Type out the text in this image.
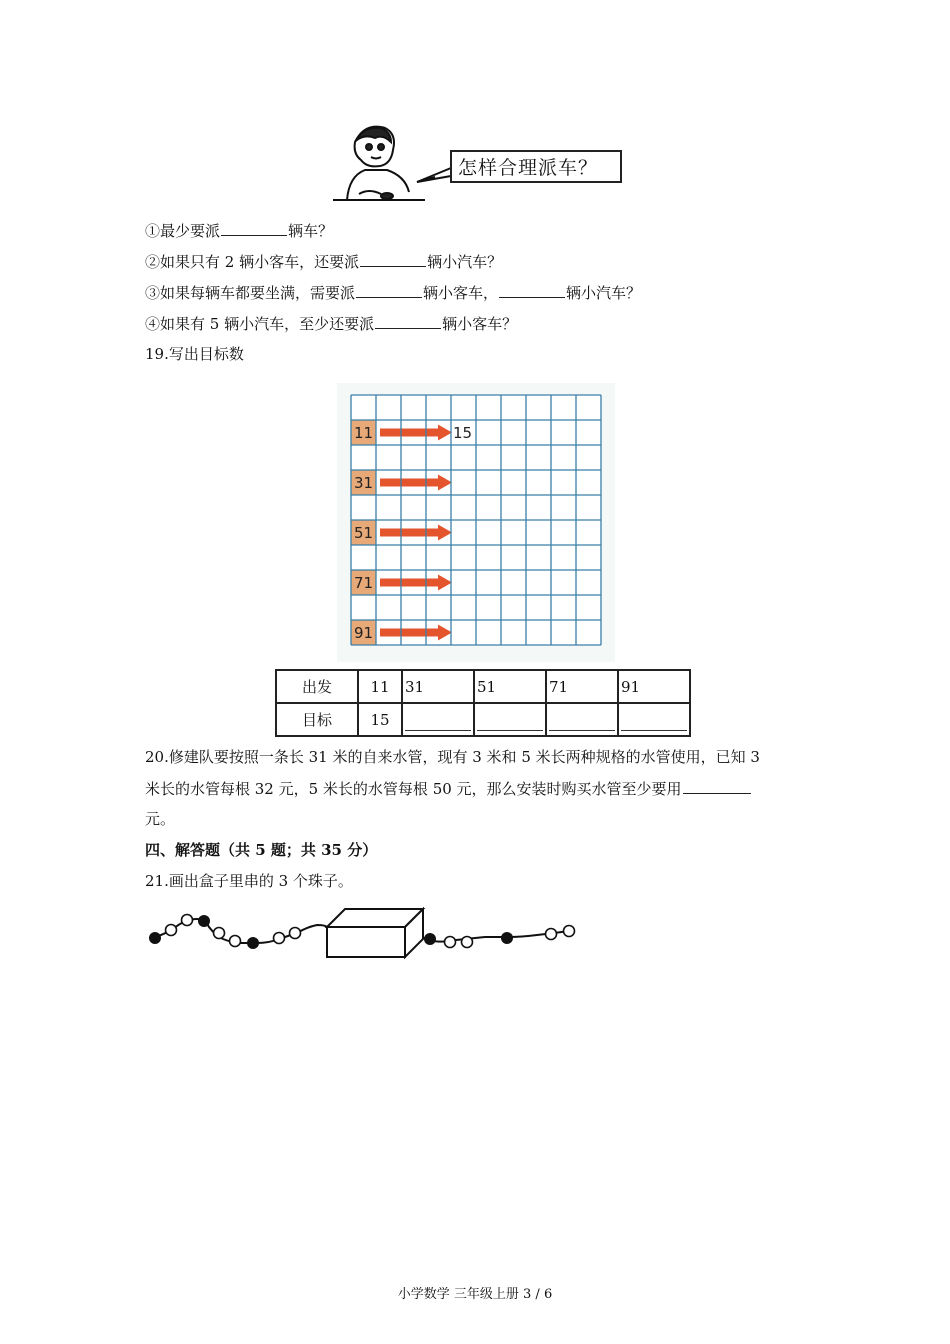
怎样合理派车？
①最少要派	辆车？
②如果只有 2 辆小客车，还要派	辆小汽车？
③如果每辆车都要坐满，需要派	辆小客车，	辆小汽车？
④如果有 5 辆小汽车，至少还要派	辆小客车？
19.写出目标数
11	15
31
51
71
91
出发	11	31	51	71	91
目标	15	

20.修建队要按照一条长 31 米的自来水管，现有 3 米和 5 米长两种规格的水管使用，已知 3
米长的水管每根 32 元，5 米长的水管每根 50 元，那么安装时购买水管至少要用
元。
四、解答题（共 5 题；共 35 分）
21.画出盒子里串的 3 个珠子。
小学数学 三年级上册 3 / 6
